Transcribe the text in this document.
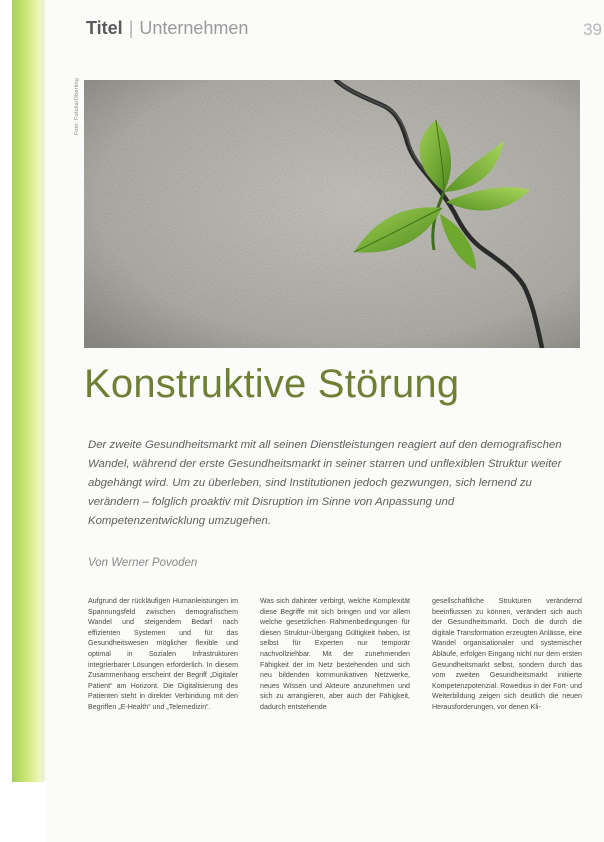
Titel | Unternehmen	39
Foto: Fotolia/Oberling
Konstruktive Störung
Der zweite Gesundheitsmarkt mit all seinen Dienstleistungen reagiert auf den demografischen Wandel, während der erste Gesundheitsmarkt in seiner starren und unflexiblen Struktur weiter abgehängt wird. Um zu überleben, sind Institutionen jedoch gezwungen, sich lernend zu verändern – folglich proaktiv mit Disruption im Sinne von Anpassung und Kompetenzentwicklung umzugehen.
Von Werner Povoden

Aufgrund der rückläufigen Humanleistungen im Spannungsfeld zwischen demografischem Wandel und steigendem Bedarf nach effizienten Systemen und für das Gesundheitswesen möglicher flexible und optimal in Sozialen Infrastrukturen integrierbarer Lösungen erforderlich. In diesem Zusammenhang erscheint der Begriff „Digitaler Patient“ am Horizont. Die Digitalisierung des Patienten steht in direkter Verbindung mit den Begriffen „E-Health“ und „Telemedizin“.

Was sich dahinter verbirgt, welche Komplexität diese Begriffe mit sich bringen und vor allem welche gesetzlichen Rahmenbedingungen für diesen Struktur-Übergang Gültigkeit haben, ist selbst für Experten nur temporär nachvollziehbar. Mit der zunehmenden Fähigkeit der im Netz bestehenden und sich neu bildenden kommunikativen Netzwerke, neues Wissen und Akteure anzunehmen und sich zu arrangieren, aber auch der Fähigkeit, dadurch entstehende

gesellschaftliche Strukturen verändernd beeinflussen zu können, verändert sich auch der Gesundheitsmarkt. Doch die durch die digitale Transformation erzeugten Anlässe, eine Wandel organisationaler und systemischer Abläufe, erfolgen Eingang nicht nur dem ersten Gesundheitsmarkt selbst, sondern durch das vom zweiten Gesundheitsmarkt initiierte Kompetenzpotenzial. Rowedius in der Fort- und Weiterbildung zeigen sich deutlich die neuen Herausforderungen, vor denen Kli-
